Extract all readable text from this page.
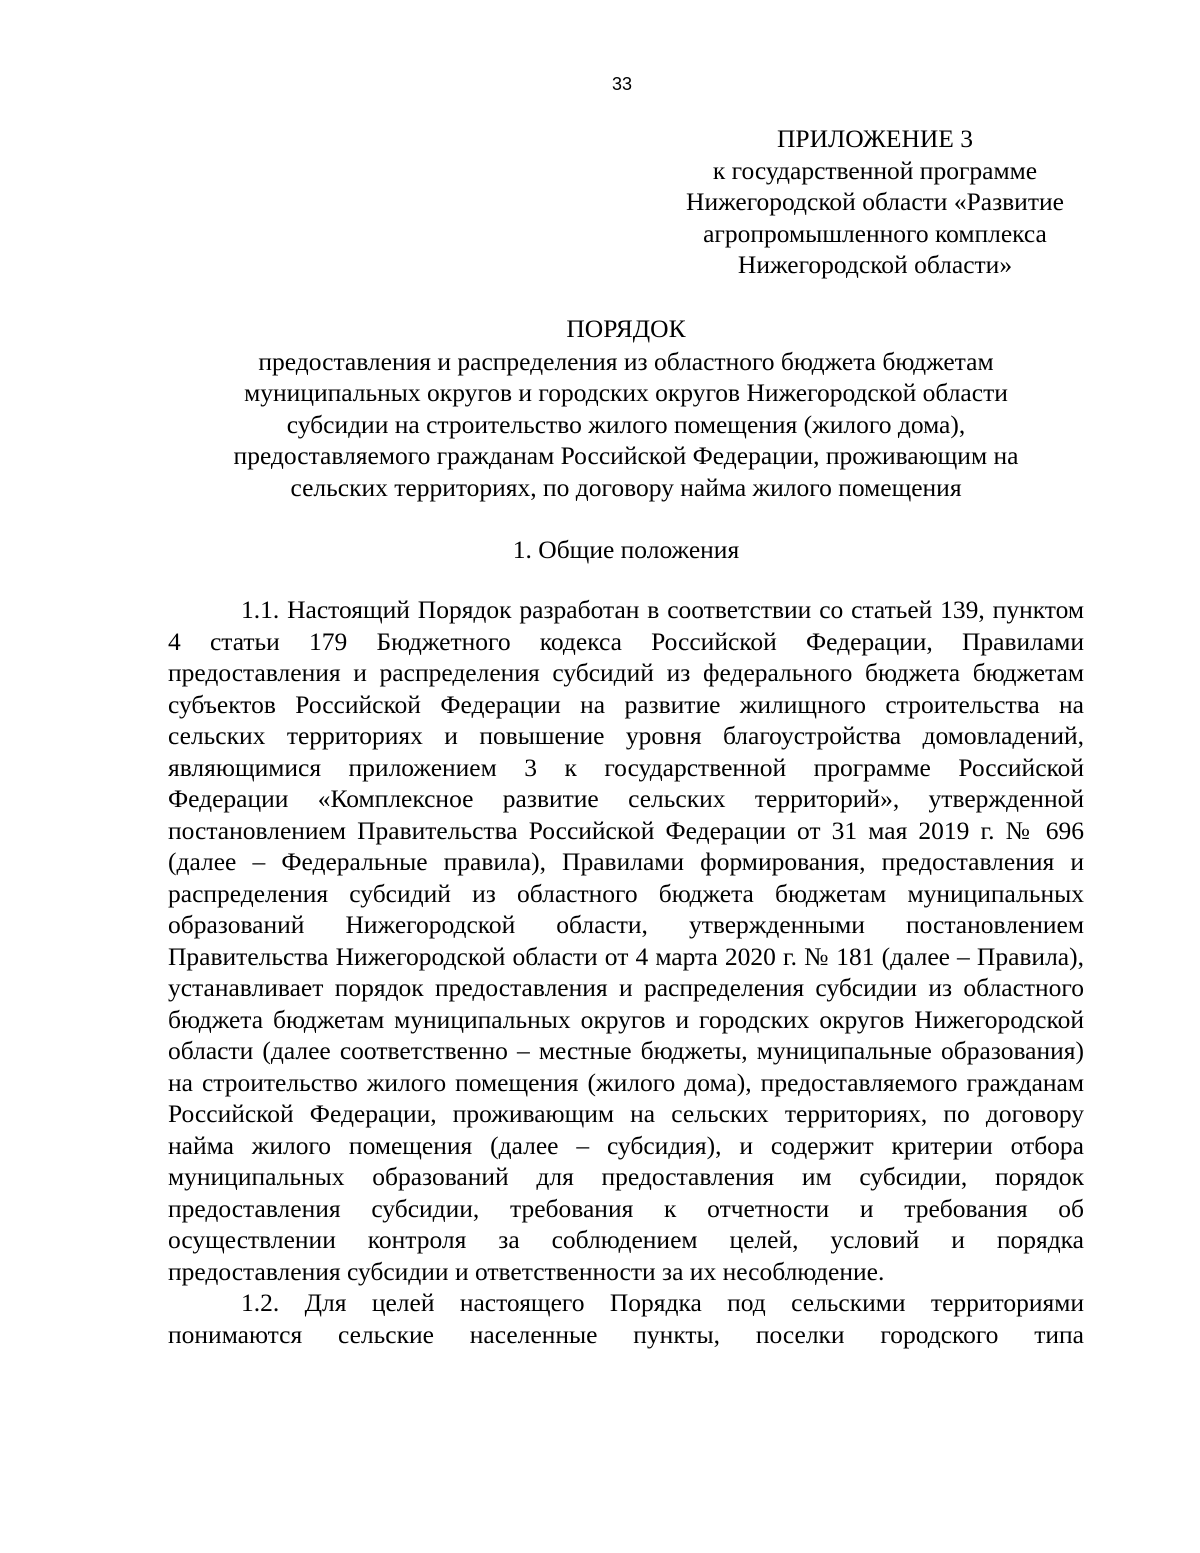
33
ПРИЛОЖЕНИЕ 3
к государственной программе
Нижегородской области «Развитие
агропромышленного комплекса
Нижегородской области»
ПОРЯДОК
предоставления и распределения из областного бюджета бюджетам
муниципальных округов и городских округов Нижегородской области
субсидии на строительство жилого помещения (жилого дома),
предоставляемого гражданам Российской Федерации, проживающим на
сельских территориях, по договору найма жилого помещения
1. Общие положения

1.1. Настоящий Порядок разработан в соответствии со статьей 139, пунктом 4 статьи 179 Бюджетного кодекса Российской Федерации, Правилами предоставления и распределения субсидий из федерального бюджета бюджетам субъектов Российской Федерации на развитие жилищного строительства на сельских территориях и повышение уровня благоустройства домовладений, являющимися приложением 3 к государственной программе Российской Федерации «Комплексное развитие сельских территорий», утвержденной постановлением Правительства Российской Федерации от 31 мая 2019 г. № 696 (далее – Федеральные правила), Правилами формирования, предоставления и распределения субсидий из областного бюджета бюджетам муниципальных образований Нижегородской области, утвержденными постановлением Правительства Нижегородской области от 4 марта 2020 г. № 181 (далее – Правила), устанавливает порядок предоставления и распределения субсидии из областного бюджета бюджетам муниципальных округов и городских округов Нижегородской области (далее соответственно – местные бюджеты, муниципальные образования) на строительство жилого помещения (жилого дома), предоставляемого гражданам Российской Федерации, проживающим на сельских территориях, по договору найма жилого помещения (далее – субсидия), и содержит критерии отбора муниципальных образований для предоставления им субсидии, порядок предоставления субсидии, требования к отчетности и требования об осуществлении контроля за соблюдением целей, условий и порядка предоставления субсидии и ответственности за их несоблюдение.

1.2. Для целей настоящего Порядка под сельскими территориями понимаются сельские населенные пункты, поселки городского типа
